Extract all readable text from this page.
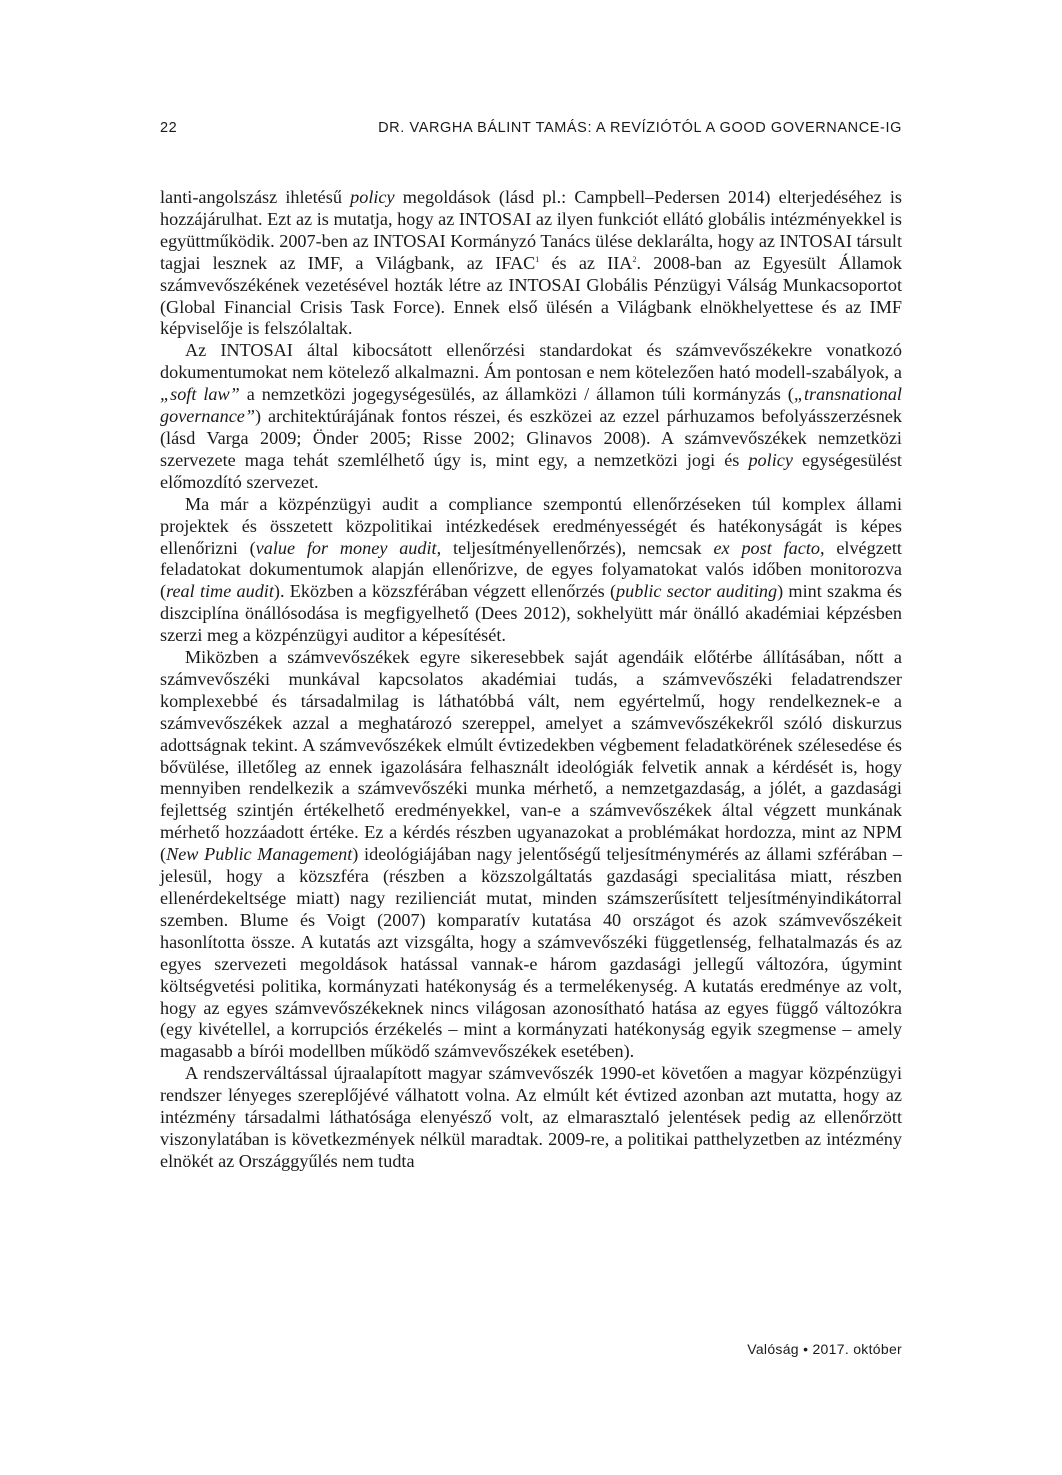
22	DR. VARGHA BÁLINT TAMÁS: A REVÍZIÓTÓL A GOOD GOVERNANCE-IG

lanti-angolszász ihletésű policy megoldások (lásd pl.: Campbell–Pedersen 2014) elterjedéséhez is hozzájárulhat. Ezt az is mutatja, hogy az INTOSAI az ilyen funkciót ellátó globális intézményekkel is együttműködik. 2007-ben az INTOSAI Kormányzó Tanács ülése deklarálta, hogy az INTOSAI társult tagjai lesznek az IMF, a Világbank, az IFAC$^1$ és az IIA$^2$. 2008-ban az Egyesült Államok számvevőszékének vezetésével hozták létre az INTOSAI Globális Pénzügyi Válság Munkacsoportot (Global Financial Crisis Task Force). Ennek első ülésén a Világbank elnökhelyettese és az IMF képviselője is felszólaltak.

Az INTOSAI által kibocsátott ellenőrzési standardokat és számvevőszékekre vonatkozó dokumentumokat nem kötelező alkalmazni. Ám pontosan e nem kötelezően ható modell-szabályok, a „soft law” a nemzetközi jogegységesülés, az államközi / államon túli kormányzás („transnational governance”) architektúrájának fontos részei, és eszközei az ezzel párhuzamos befolyásszerzésnek (lásd Varga 2009; Önder 2005; Risse 2002; Glinavos 2008). A számvevőszékek nemzetközi szervezete maga tehát szemlélhető úgy is, mint egy, a nemzetközi jogi és policy egységesülést előmozdító szervezet.

Ma már a közpénzügyi audit a compliance szempontú ellenőrzéseken túl komplex állami projektek és összetett közpolitikai intézkedések eredményességét és hatékonyságát is képes ellenőrizni (value for money audit, teljesítményellenőrzés), nemcsak ex post facto, elvégzett feladatokat dokumentumok alapján ellenőrizve, de egyes folyamatokat valós időben monitorozva (real time audit). Eközben a közszférában végzett ellenőrzés (public sector auditing) mint szakma és diszciplína önállósodása is megfigyelhető (Dees 2012), sokhelyütt már önálló akadémiai képzésben szerzi meg a közpénzügyi auditor a képesítését.

Miközben a számvevőszékek egyre sikeresebbek saját agendáik előtérbe állításában, nőtt a számvevőszéki munkával kapcsolatos akadémiai tudás, a számvevőszéki feladatrendszer komplexebbé és társadalmilag is láthatóbbá vált, nem egyértelmű, hogy rendelkeznek-e a számvevőszékek azzal a meghatározó szereppel, amelyet a számvevőszékekről szóló diskurzus adottságnak tekint. A számvevőszékek elmúlt évtizedekben végbement feladatkörének szélesedése és bővülése, illetőleg az ennek igazolására felhasznált ideológiák felvetik annak a kérdését is, hogy mennyiben rendelkezik a számvevőszéki munka mérhető, a nemzetgazdaság, a jólét, a gazdasági fejlettség szintjén értékelhető eredményekkel, van-e a számvevőszékek által végzett munkának mérhető hozzáadott értéke. Ez a kérdés részben ugyanazokat a problémákat hordozza, mint az NPM (New Public Management) ideológiájában nagy jelentőségű teljesítménymérés az állami szférában – jelesül, hogy a közszféra (részben a közszolgáltatás gazdasági specialitása miatt, részben ellenérdekeltsége miatt) nagy rezilienciát mutat, minden számszerűsített teljesítményindikátorral szemben. Blume és Voigt (2007) komparatív kutatása 40 országot és azok számvevőszékeit hasonlította össze. A kutatás azt vizsgálta, hogy a számvevőszéki függetlenség, felhatalmazás és az egyes szervezeti megoldások hatással vannak-e három gazdasági jellegű változóra, úgymint költségvetési politika, kormányzati hatékonyság és a termelékenység. A kutatás eredménye az volt, hogy az egyes számvevőszékeknek nincs világosan azonosítható hatása az egyes függő változókra (egy kivétellel, a korrupciós érzékelés – mint a kormányzati hatékonyság egyik szegmense – amely magasabb a bírói modellben működő számvevőszékek esetében).

A rendszerváltással újraalapított magyar számvevőszék 1990-et követően a magyar közpénzügyi rendszer lényeges szereplőjévé válhatott volna. Az elmúlt két évtized azonban azt mutatta, hogy az intézmény társadalmi láthatósága elenyésző volt, az elmarasztaló jelentések pedig az ellenőrzött viszonylatában is következmények nélkül maradtak. 2009-re, a politikai patthelyzetben az intézmény elnökét az Országgyűlés nem tudta

Valóság • 2017. október
